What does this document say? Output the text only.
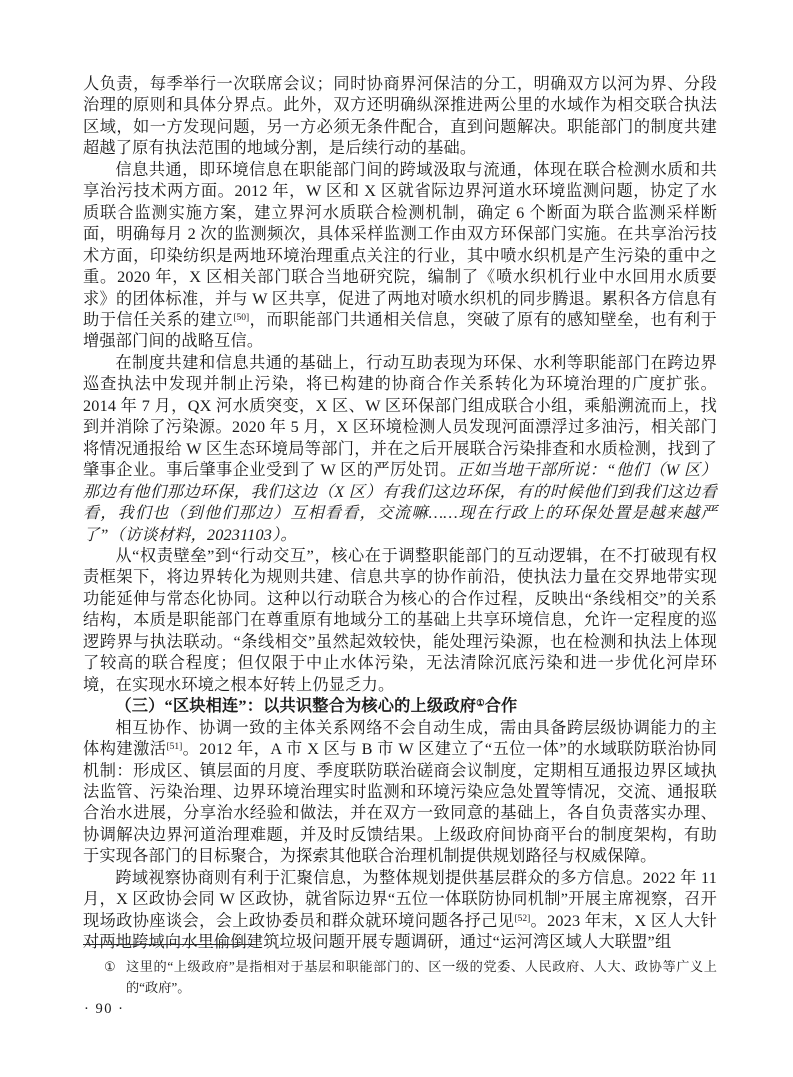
人负责，每季举行一次联席会议；同时协商界河保洁的分工，明确双方以河为界、分段治理的原则和具体分界点。此外，双方还明确纵深推进两公里的水域作为相交联合执法区域，如一方发现问题，另一方必须无条件配合，直到问题解决。职能部门的制度共建超越了原有执法范围的地域分割，是后续行动的基础。

信息共通，即环境信息在职能部门间的跨域汲取与流通，体现在联合检测水质和共享治污技术两方面。2012 年，W 区和 X 区就省际边界河道水环境监测问题，协定了水质联合监测实施方案，建立界河水质联合检测机制，确定 6 个断面为联合监测采样断面，明确每月 2 次的监测频次，具体采样监测工作由双方环保部门实施。在共享治污技术方面，印染纺织是两地环境治理重点关注的行业，其中喷水织机是产生污染的重中之重。2020 年，X 区相关部门联合当地研究院，编制了《喷水织机行业中水回用水质要求》的团体标准，并与 W 区共享，促进了两地对喷水织机的同步腾退。累积各方信息有助于信任关系的建立[50]，而职能部门共通相关信息，突破了原有的感知壁垒，也有利于增强部门间的战略互信。

在制度共建和信息共通的基础上，行动互助表现为环保、水利等职能部门在跨边界巡查执法中发现并制止污染，将已构建的协商合作关系转化为环境治理的广度扩张。2014 年 7 月，QX 河水质突变，X 区、W 区环保部门组成联合小组，乘船溯流而上，找到并消除了污染源。2020 年 5 月，X 区环境检测人员发现河面漂浮过多油污，相关部门将情况通报给 W 区生态环境局等部门，并在之后开展联合污染排查和水质检测，找到了肇事企业。事后肇事企业受到了 W 区的严厉处罚。正如当地干部所说：“他们（W 区）那边有他们那边环保，我们这边（X 区）有我们这边环保，有的时候他们到我们这边看看，我们也（到他们那边）互相看看，交流嘛……现在行政上的环保处置是越来越严了”（访谈材料，20231103）。

从“权责壁垒”到“行动交互”，核心在于调整职能部门的互动逻辑，在不打破现有权责框架下，将边界转化为规则共建、信息共享的协作前沿，使执法力量在交界地带实现功能延伸与常态化协同。这种以行动联合为核心的合作过程，反映出“条线相交”的关系结构，本质是职能部门在尊重原有地域分工的基础上共享环境信息，允许一定程度的巡逻跨界与执法联动。“条线相交”虽然起效较快，能处理污染源，也在检测和执法上体现了较高的联合程度；但仅限于中止水体污染，无法清除沉底污染和进一步优化河岸环境，在实现水环境之根本好转上仍显乏力。

（三）“区块相连”：以共识整合为核心的上级政府①合作

相互协作、协调一致的主体关系网络不会自动生成，需由具备跨层级协调能力的主体构建激活[51]。2012 年，A 市 X 区与 B 市 W 区建立了“五位一体”的水域联防联治协同机制：形成区、镇层面的月度、季度联防联治磋商会议制度，定期相互通报边界区域执法监管、污染治理、边界环境治理实时监测和环境污染应急处置等情况，交流、通报联合治水进展，分享治水经验和做法，并在双方一致同意的基础上，各自负责落实办理、协调解决边界河道治理难题，并及时反馈结果。上级政府间协商平台的制度架构，有助于实现各部门的目标聚合，为探索其他联合治理机制提供规划路径与权威保障。

跨域视察协商则有利于汇聚信息，为整体规划提供基层群众的多方信息。2022 年 11 月，X 区政协会同 W 区政协，就省际边界“五位一体联防协同机制”开展主席视察，召开现场政协座谈会，会上政协委员和群众就环境问题各抒己见[52]。2023 年末，X 区人大针对两地跨域向水里偷倒建筑垃圾问题开展专题调研，通过“运河湾区域人大联盟”组

① 这里的“上级政府”是指相对于基层和职能部门的、区一级的党委、人民政府、人大、政协等广义上的“政府”。
· 90 ·
